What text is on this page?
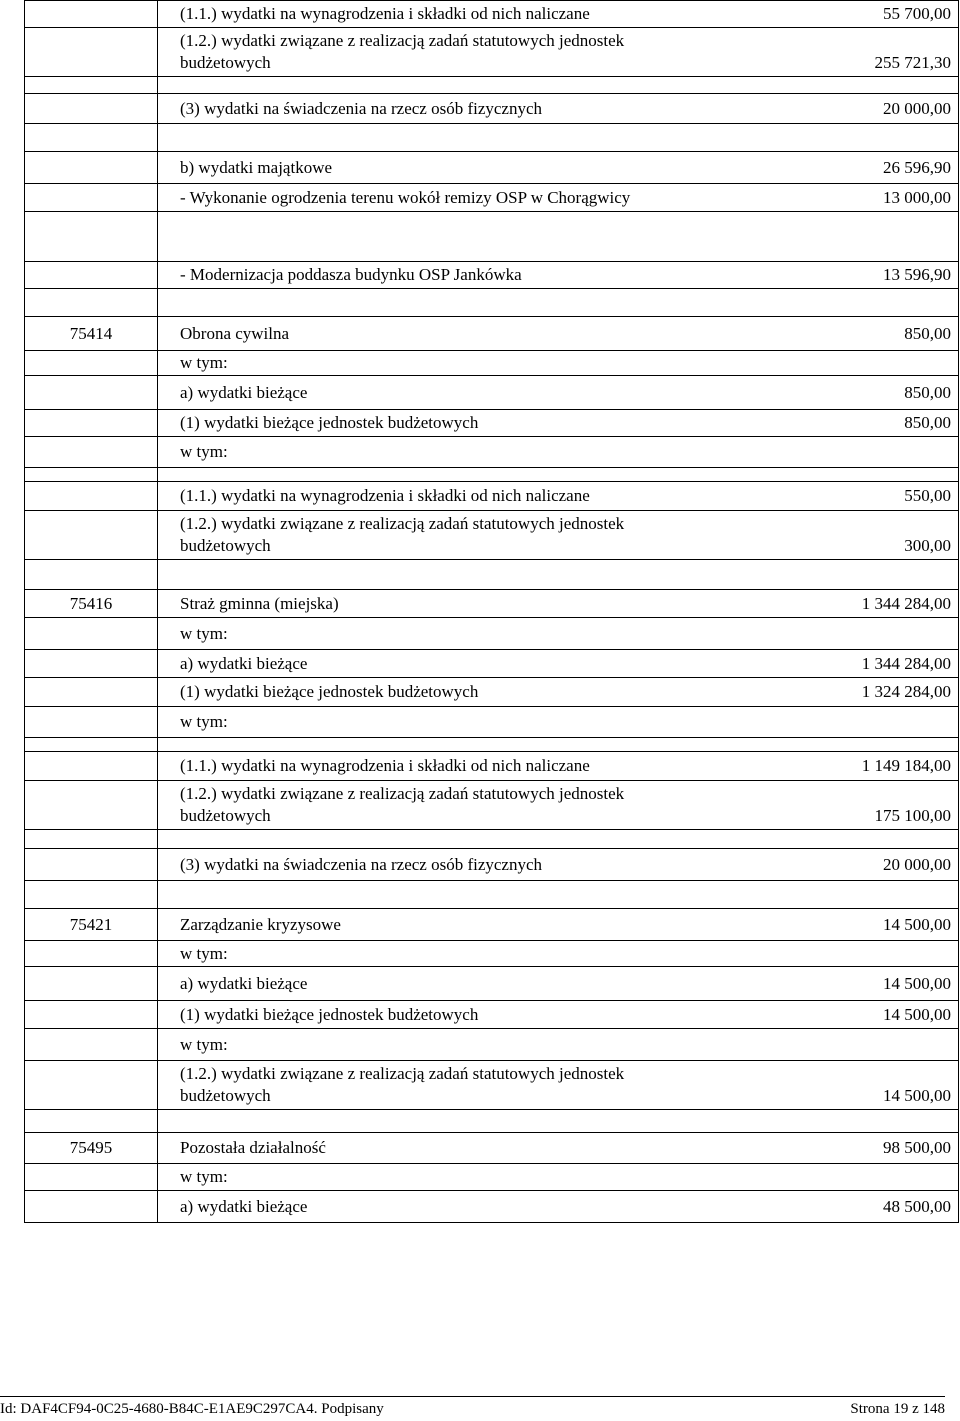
	(1.1.) wydatki na wynagrodzenia i składki od nich naliczane 55 700,00

	(1.2.) wydatki związane z realizacją zadań statutowych jednostek
budżetowych 255 721,30

	(3) wydatki na świadczenia na rzecz osób fizycznych 20 000,00

	b) wydatki majątkowe 26 596,90

	- Wykonanie ogrodzenia terenu wokół remizy OSP w Chorągwicy 13 000,00

	- Modernizacja poddasza budynku OSP Jankówka 13 596,90

75414	Obrona cywilna 850,00

	w tym:

	a) wydatki bieżące 850,00

	(1) wydatki bieżące jednostek budżetowych 850,00

	w tym:

	(1.1.) wydatki na wynagrodzenia i składki od nich naliczane 550,00

	(1.2.) wydatki związane z realizacją zadań statutowych jednostek
budżetowych 300,00

75416	Straż gminna (miejska) 1 344 284,00

	w tym:

	a) wydatki bieżące 1 344 284,00

	(1) wydatki bieżące jednostek budżetowych 1 324 284,00

	w tym:

	(1.1.) wydatki na wynagrodzenia i składki od nich naliczane 1 149 184,00

	(1.2.) wydatki związane z realizacją zadań statutowych jednostek
budżetowych 175 100,00

	(3) wydatki na świadczenia na rzecz osób fizycznych 20 000,00

75421	Zarządzanie kryzysowe 14 500,00

	w tym:

	a) wydatki bieżące 14 500,00

	(1) wydatki bieżące jednostek budżetowych 14 500,00

	w tym:

	(1.2.) wydatki związane z realizacją zadań statutowych jednostek
budżetowych 14 500,00

75495	Pozostała działalność 98 500,00

	w tym:

	a) wydatki bieżące 48 500,00
Id: DAF4CF94-0C25-4680-B84C-E1AE9C297CA4. Podpisany	Strona 19 z 148
